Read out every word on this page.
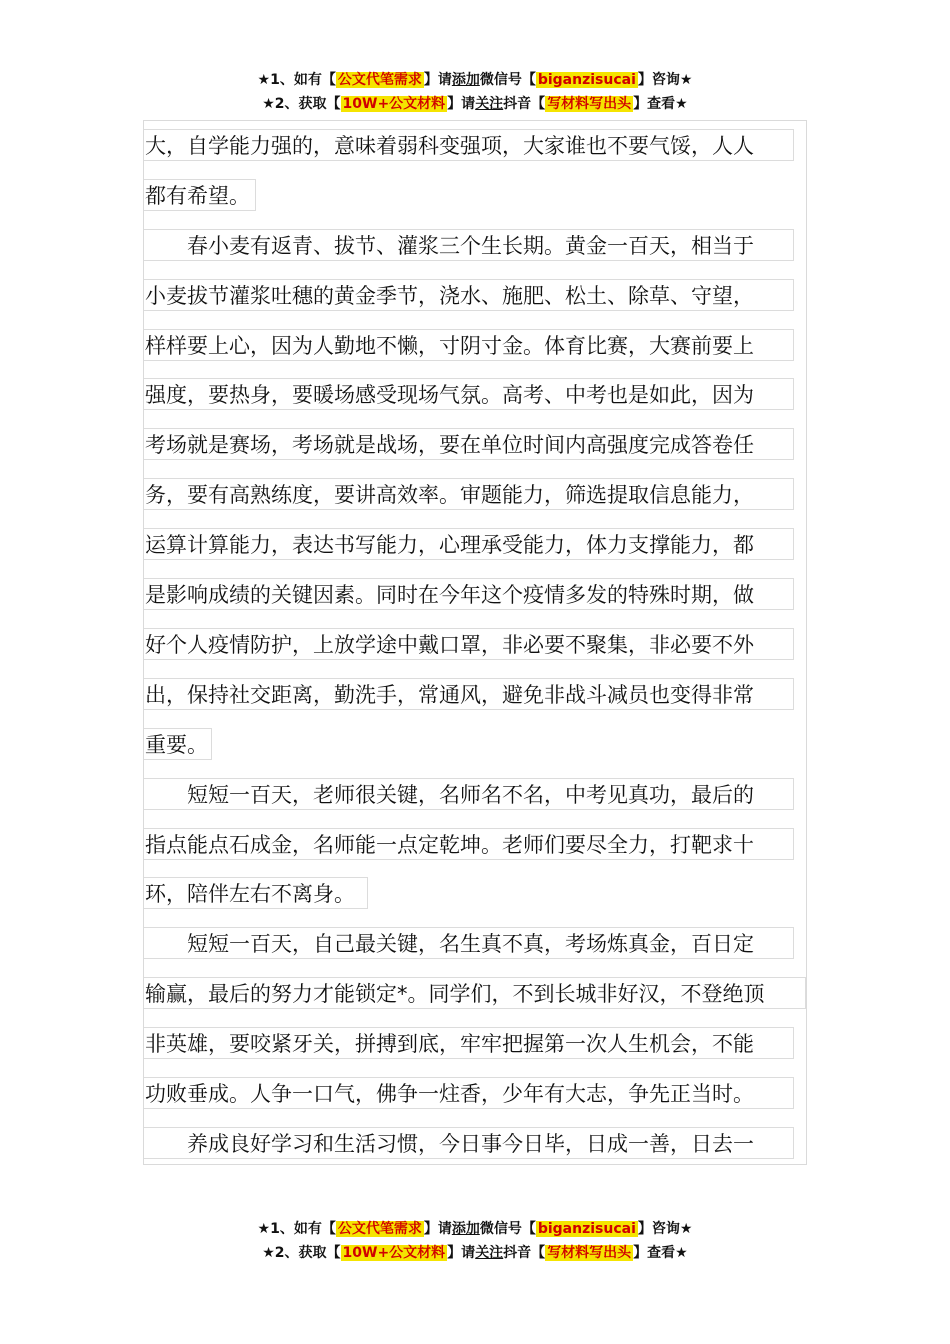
★1、如有【 公文代笔需求 】请添加微信号【 biganzisucai 】咨询★
★2、获取【 10W+公文材料 】请关注抖音【 写材料写出头 】查看★
大，自学能力强的，意味着弱科变强项，大家谁也不要气馁，人人
都有希望。
　　春小麦有返青、拔节、灌浆三个生长期。黄金一百天，相当于
小麦拔节灌浆吐穗的黄金季节，浇水、施肥、松土、除草、守望，
样样要上心，因为人勤地不懒，寸阴寸金。体育比赛，大赛前要上
强度，要热身，要暖场感受现场气氛。高考、中考也是如此，因为
考场就是赛场，考场就是战场，要在单位时间内高强度完成答卷任
务，要有高熟练度，要讲高效率。审题能力，筛选提取信息能力，
运算计算能力，表达书写能力，心理承受能力，体力支撑能力，都
是影响成绩的关键因素。同时在今年这个疫情多发的特殊时期，做
好个人疫情防护，上放学途中戴口罩，非必要不聚集，非必要不外
出，保持社交距离，勤洗手，常通风，避免非战斗减员也变得非常
重要。
　　短短一百天，老师很关键，名师名不名，中考见真功，最后的
指点能点石成金，名师能一点定乾坤。老师们要尽全力，打靶求十
环，陪伴左右不离身。
　　短短一百天，自己最关键，名生真不真，考场炼真金，百日定
输赢，最后的努力才能锁定*。同学们，不到长城非好汉，不登绝顶
非英雄，要咬紧牙关，拼搏到底，牢牢把握第一次人生机会，不能
功败垂成。人争一口气，佛争一炷香，少年有大志，争先正当时。
　　养成良好学习和生活习惯，今日事今日毕，日成一善，日去一
★1、如有【 公文代笔需求 】请添加微信号【 biganzisucai 】咨询★
★2、获取【 10W+公文材料 】请关注抖音【 写材料写出头 】查看★
